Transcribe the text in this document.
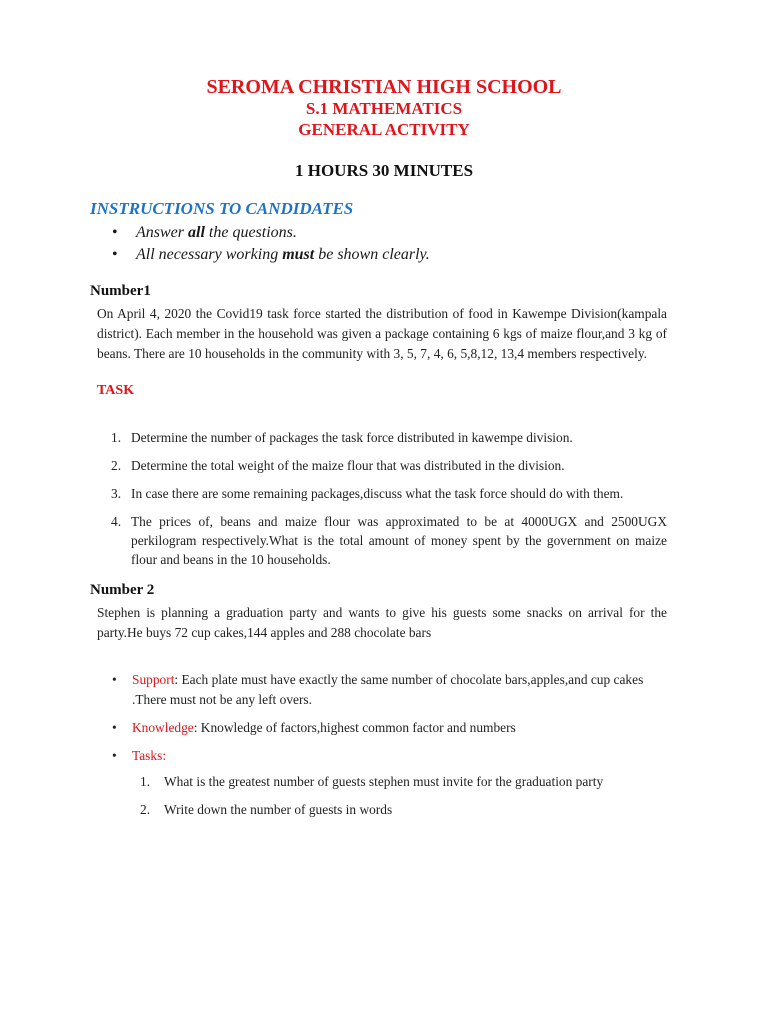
SEROMA CHRISTIAN HIGH SCHOOL
S.1 MATHEMATICS
GENERAL ACTIVITY
1 HOURS 30 MINUTES
INSTRUCTIONS TO CANDIDATES
• Answer all the questions.
• All necessary working must be shown clearly.
Number1
On April 4, 2020 the Covid19 task force started the distribution of food in Kawempe Division(kampala district). Each member in the household was given a package containing 6 kgs of maize flour,and 3 kg of beans. There are 10 households in the community with 3, 5, 7, 4, 6, 5,8,12, 13,4 members respectively.
TASK
1. Determine the number of packages the task force distributed in kawempe division.
2. Determine the total weight of the maize flour that was distributed in the division.
3. In case there are some remaining packages,discuss what the task force should do with them.
4. The prices of, beans and maize flour was approximated to be at 4000UGX and 2500UGX perkilogram respectively.What is the total amount of money spent by the government on maize flour and beans in the 10 households.
Number 2
Stephen is planning a graduation party and wants to give his guests some snacks on arrival for the party.He buys 72 cup cakes,144 apples and 288 chocolate bars
• Support: Each plate must have exactly the same number of chocolate bars,apples,and cup cakes .There must not be any left overs.
• Knowledge: Knowledge of factors,highest common factor and numbers
• Tasks:
1. What is the greatest number of guests stephen must invite for the graduation party
2. Write down the number of guests in words
